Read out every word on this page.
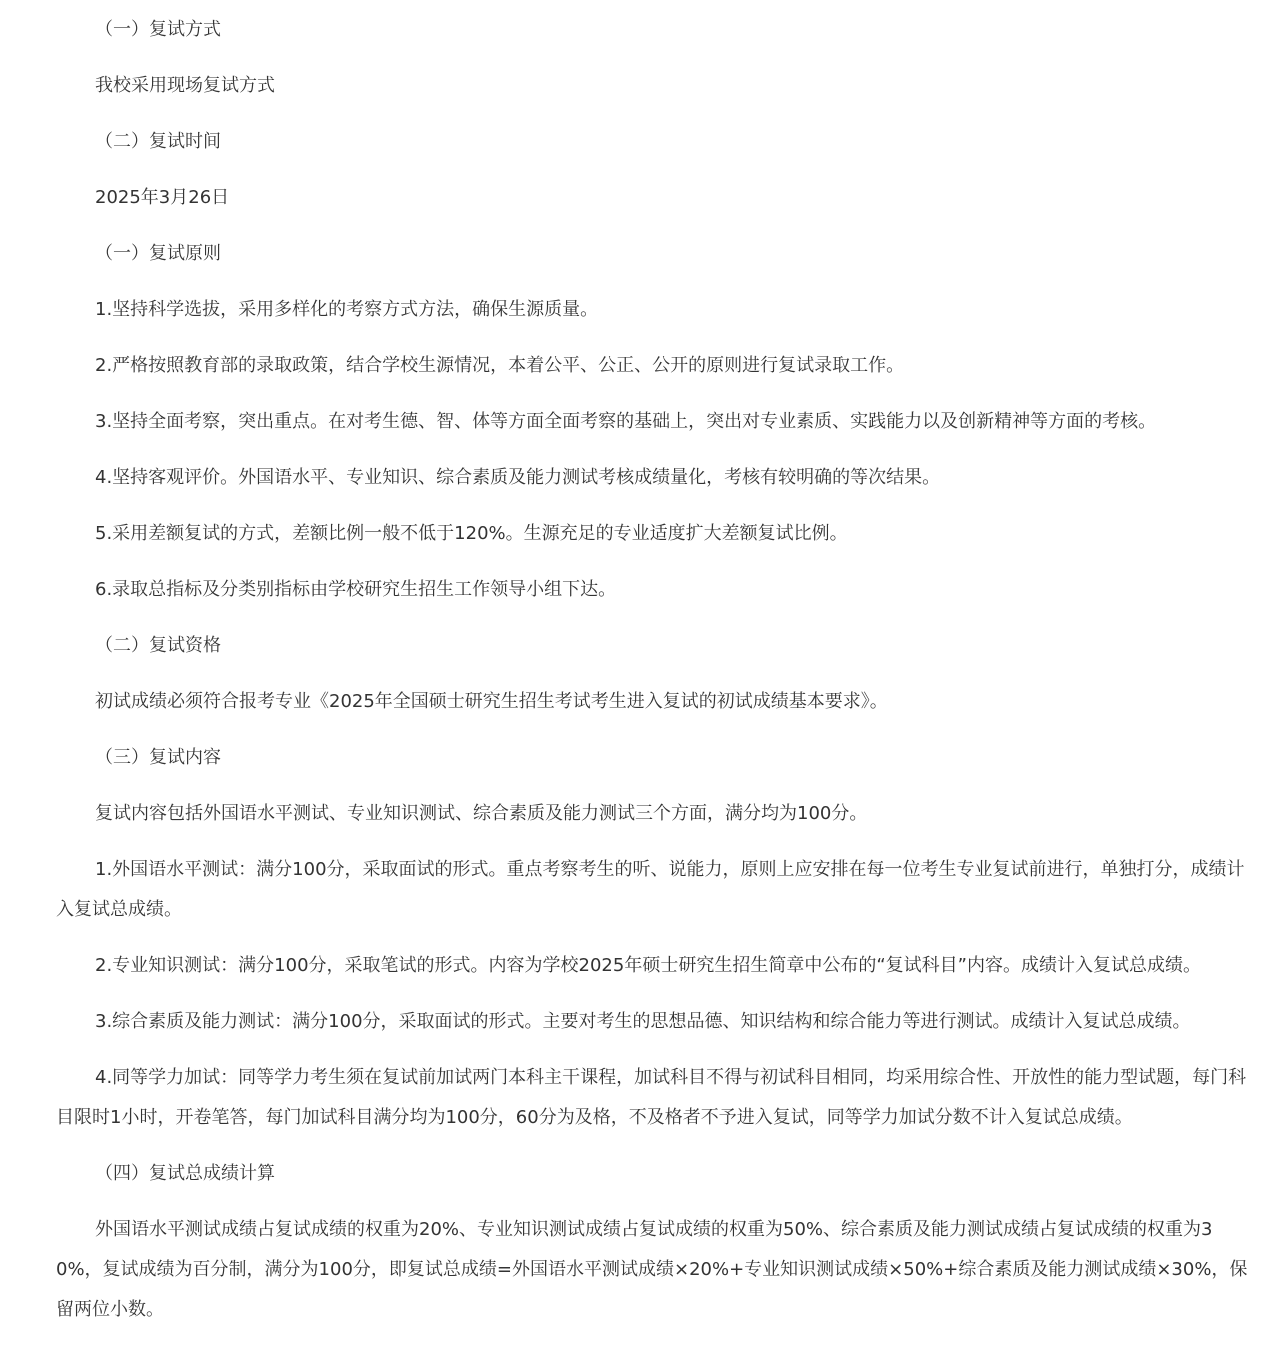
（一）复试方式

我校采用现场复试方式

（二）复试时间

2025年3月26日

（一）复试原则

1.坚持科学选拔，采用多样化的考察方式方法，确保生源质量。

2.严格按照教育部的录取政策，结合学校生源情况，本着公平、公正、公开的原则进行复试录取工作。

3.坚持全面考察，突出重点。在对考生德、智、体等方面全面考察的基础上，突出对专业素质、实践能力以及创新精神等方面的考核。

4.坚持客观评价。外国语水平、专业知识、综合素质及能力测试考核成绩量化，考核有较明确的等次结果。

5.采用差额复试的方式，差额比例一般不低于120%。生源充足的专业适度扩大差额复试比例。

6.录取总指标及分类别指标由学校研究生招生工作领导小组下达。

（二）复试资格

初试成绩必须符合报考专业《2025年全国硕士研究生招生考试考生进入复试的初试成绩基本要求》。

（三）复试内容

复试内容包括外国语水平测试、专业知识测试、综合素质及能力测试三个方面，满分均为100分。

1.外国语水平测试：满分100分，采取面试的形式。重点考察考生的听、说能力，原则上应安排在每一位考生专业复试前进行，单独打分，成绩计入复试总成绩。

2.专业知识测试：满分100分，采取笔试的形式。内容为学校2025年硕士研究生招生简章中公布的“复试科目”内容。成绩计入复试总成绩。

3.综合素质及能力测试：满分100分，采取面试的形式。主要对考生的思想品德、知识结构和综合能力等进行测试。成绩计入复试总成绩。

4.同等学力加试：同等学力考生须在复试前加试两门本科主干课程，加试科目不得与初试科目相同，均采用综合性、开放性的能力型试题，每门科目限时1小时，开卷笔答，每门加试科目满分均为100分，60分为及格，不及格者不予进入复试，同等学力加试分数不计入复试总成绩。

（四）复试总成绩计算

外国语水平测试成绩占复试成绩的权重为20%、专业知识测试成绩占复试成绩的权重为50%、综合素质及能力测试成绩占复试成绩的权重为30%，复试成绩为百分制，满分为100分，即复试总成绩=外国语水平测试成绩×20%+专业知识测试成绩×50%+综合素质及能力测试成绩×30%，保留两位小数。
